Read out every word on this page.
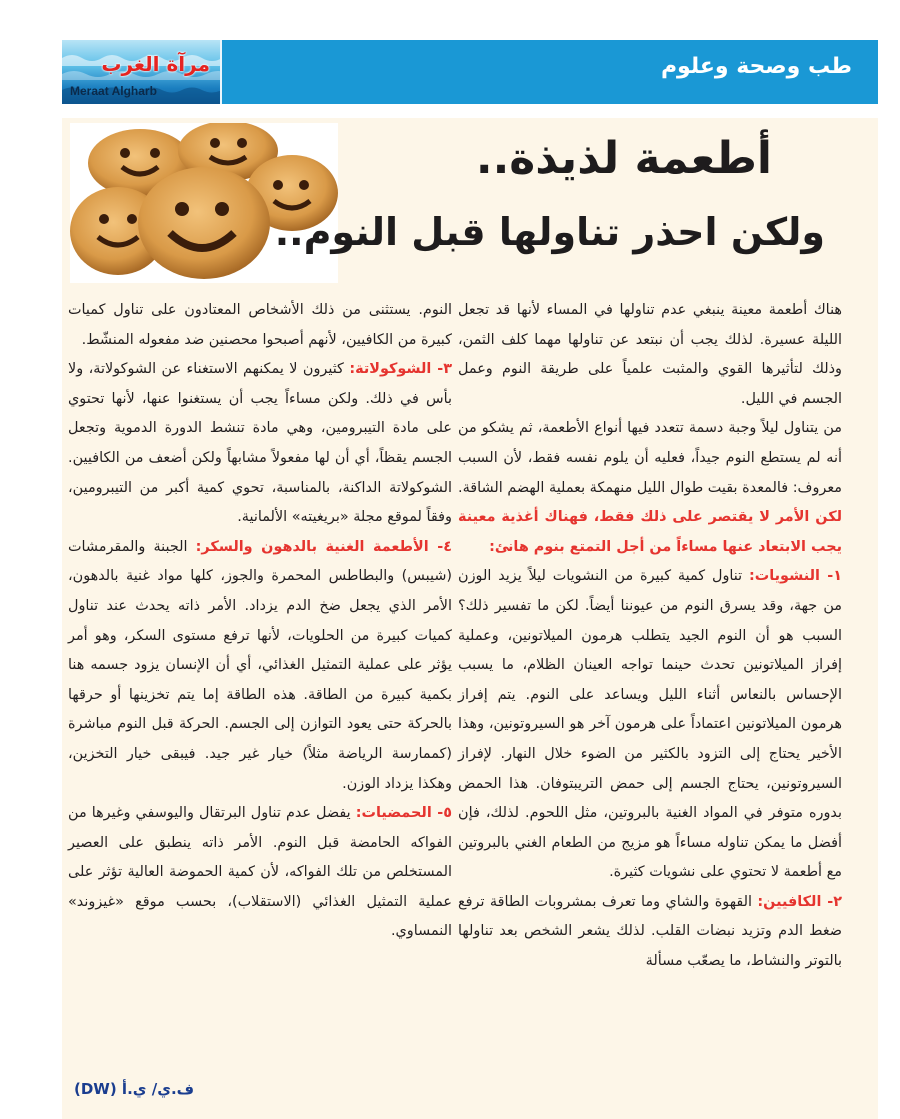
مرآة الغرب
Meraat Algharb
طب وصحة وعلوم
أطعمة لذيذة..
ولكن احذر تناولها قبل النوم..

هناك أطعمة معينة ينبغي عدم تناولها في المساء لأنها قد تجعل الليلة عسيرة. لذلك يجب أن نبتعد عن تناولها مهما كلف الثمن، وذلك لتأثيرها القوي والمثبت علمياً على طريقة النوم وعمل الجسم في الليل.

من يتناول ليلاً وجبة دسمة تتعدد فيها أنواع الأطعمة، ثم يشكو من أنه لم يستطع النوم جيداً، فعليه أن يلوم نفسه فقط، لأن السبب معروف: فالمعدة بقيت طوال الليل منهمكة بعملية الهضم الشاقة.

لكن الأمر لا يقتصر على ذلك فقط، فهناك أغذية معينة يجب الابتعاد عنها مساءاً من أجل التمتع بنوم هانئ:

١- النشويات: تناول كمية كبيرة من النشويات ليلاً يزيد الوزن من جهة، وقد يسرق النوم من عيوننا أيضاً. لكن ما تفسير ذلك؟ السبب هو أن النوم الجيد يتطلب هرمون الميلاتونين، وعملية إفراز الميلاتونين تحدث حينما تواجه العينان الظلام، ما يسبب الإحساس بالنعاس أثناء الليل ويساعد على النوم. يتم إفراز هرمون الميلاتونين اعتماداً على هرمون آخر هو السيروتونين، وهذا الأخير يحتاج إلى التزود بالكثير من الضوء خلال النهار. لإفراز السيروتونين، يحتاج الجسم إلى حمض التريبتوفان. هذا الحمض بدوره متوفر في المواد الغنية بالبروتين، مثل اللحوم. لذلك، فإن أفضل ما يمكن تناوله مساءاً هو مزيج من الطعام الغني بالبروتين مع أطعمة لا تحتوي على نشويات كثيرة.

٢- الكافيين: القهوة والشاي وما تعرف بمشروبات الطاقة ترفع ضغط الدم وتزيد نبضات القلب. لذلك يشعر الشخص بعد تناولها بالتوتر والنشاط، ما يصعّب مسألة

النوم. يستثنى من ذلك الأشخاص المعتادون على تناول كميات كبيرة من الكافيين، لأنهم أصبحوا محصنين ضد مفعوله المنشّط.

٣- الشوكولاتة: كثيرون لا يمكنهم الاستغناء عن الشوكولاتة، ولا بأس في ذلك. ولكن مساءاً يجب أن يستغنوا عنها، لأنها تحتوي على مادة التيبرومين، وهي مادة تنشط الدورة الدموية وتجعل الجسم يقظاً، أي أن لها مفعولاً مشابهاً ولكن أضعف من الكافيين. الشوكولاتة الداكنة، بالمناسبة، تحوي كمية أكبر من التيبرومين، وفقاً لموقع مجلة «بريغيته» الألمانية.

٤- الأطعمة الغنية بالدهون والسكر: الجبنة والمقرمشات (شيبس) والبطاطس المحمرة والجوز، كلها مواد غنية بالدهون، الأمر الذي يجعل ضخ الدم يزداد. الأمر ذاته يحدث عند تناول كميات كبيرة من الحلويات، لأنها ترفع مستوى السكر، وهو أمر يؤثر على عملية التمثيل الغذائي، أي أن الإنسان يزود جسمه هنا بكمية كبيرة من الطاقة. هذه الطاقة إما يتم تخزينها أو حرقها بالحركة حتى يعود التوازن إلى الجسم. الحركة قبل النوم مباشرة (كممارسة الرياضة مثلاً) خيار غير جيد. فيبقى خيار التخزين، وهكذا يزداد الوزن.

٥- الحمضيات: يفضل عدم تناول البرتقال واليوسفي وغيرها من الفواكه الحامضة قبل النوم. الأمر ذاته ينطبق على العصير المستخلص من تلك الفواكه، لأن كمية الحموضة العالية تؤثر على عملية التمثيل الغذائي (الاستقلاب)، بحسب موقع «غيزوند» النمساوي.

ف.ي/ ي.أ (DW)
